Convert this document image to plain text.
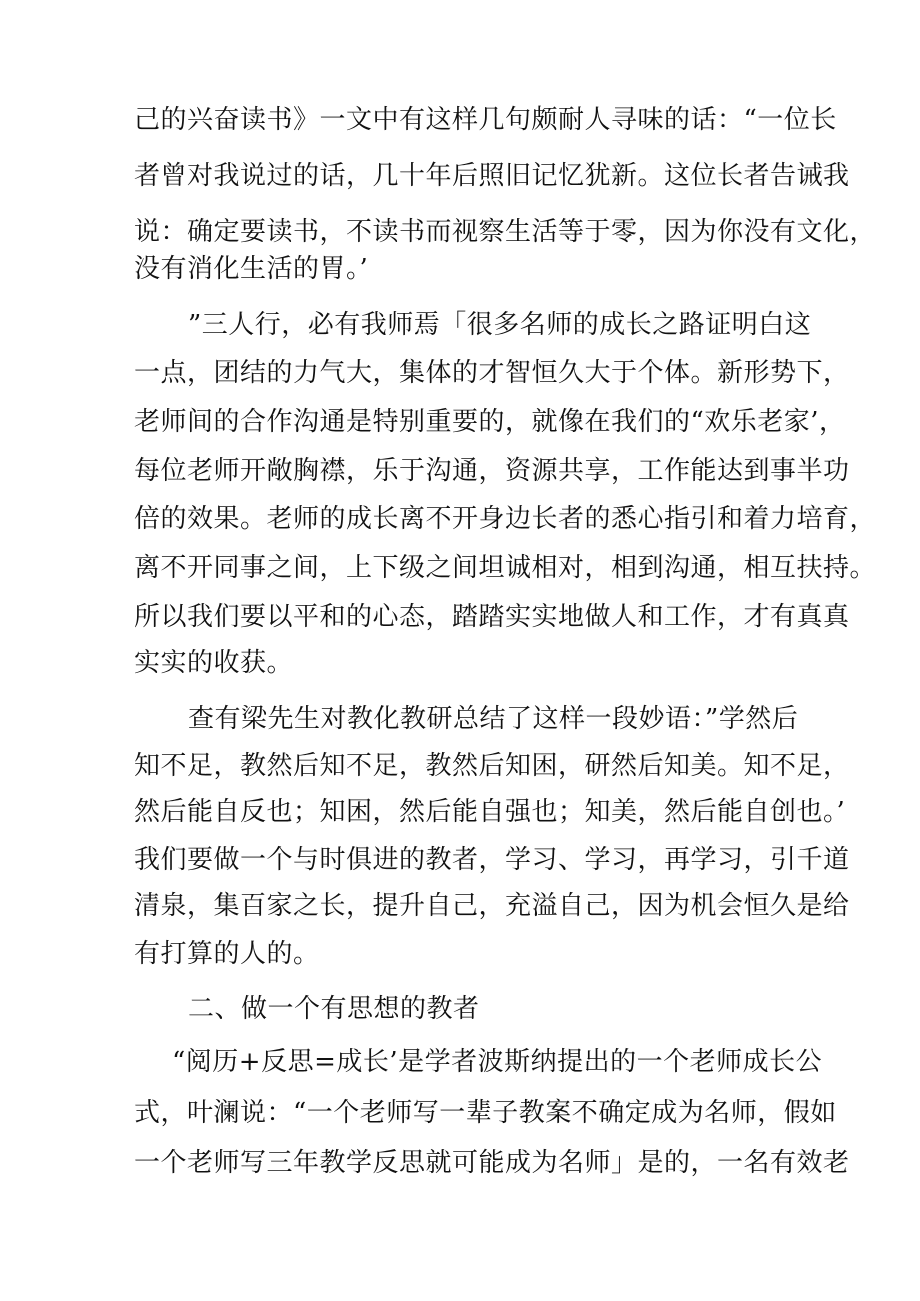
己的兴奋读书》一文中有这样几句颇耐人寻味的话：“一位长
者曾对我说过的话，几十年后照旧记忆犹新。这位长者告诫我
说：确定要读书，不读书而视察生活等于零，因为你没有文化，
没有消化生活的胃。’
”三人行，必有我师焉「很多名师的成长之路证明白这
一点，团结的力气大，集体的才智恒久大于个体。新形势下，
老师间的合作沟通是特别重要的，就像在我们的“欢乐老家’，
每位老师开敞胸襟，乐于沟通，资源共享，工作能达到事半功
倍的效果。老师的成长离不开身边长者的悉心指引和着力培育，
离不开同事之间，上下级之间坦诚相对，相到沟通，相互扶持。
所以我们要以平和的心态，踏踏实实地做人和工作，才有真真
实实的收获。
查有梁先生对教化教研总结了这样一段妙语：”学然后
知不足，教然后知不足，教然后知困，研然后知美。知不足，
然后能自反也；知困，然后能自强也；知美，然后能自创也。’
我们要做一个与时俱进的教者，学习、学习，再学习，引千道
清泉，集百家之长，提升自己，充溢自己，因为机会恒久是给
有打算的人的。
二、做一个有思想的教者
“阅历+反思=成长’是学者波斯纳提出的一个老师成长公
式，叶澜说：“一个老师写一辈子教案不确定成为名师，假如
一个老师写三年教学反思就可能成为名师」是的，一名有效老
